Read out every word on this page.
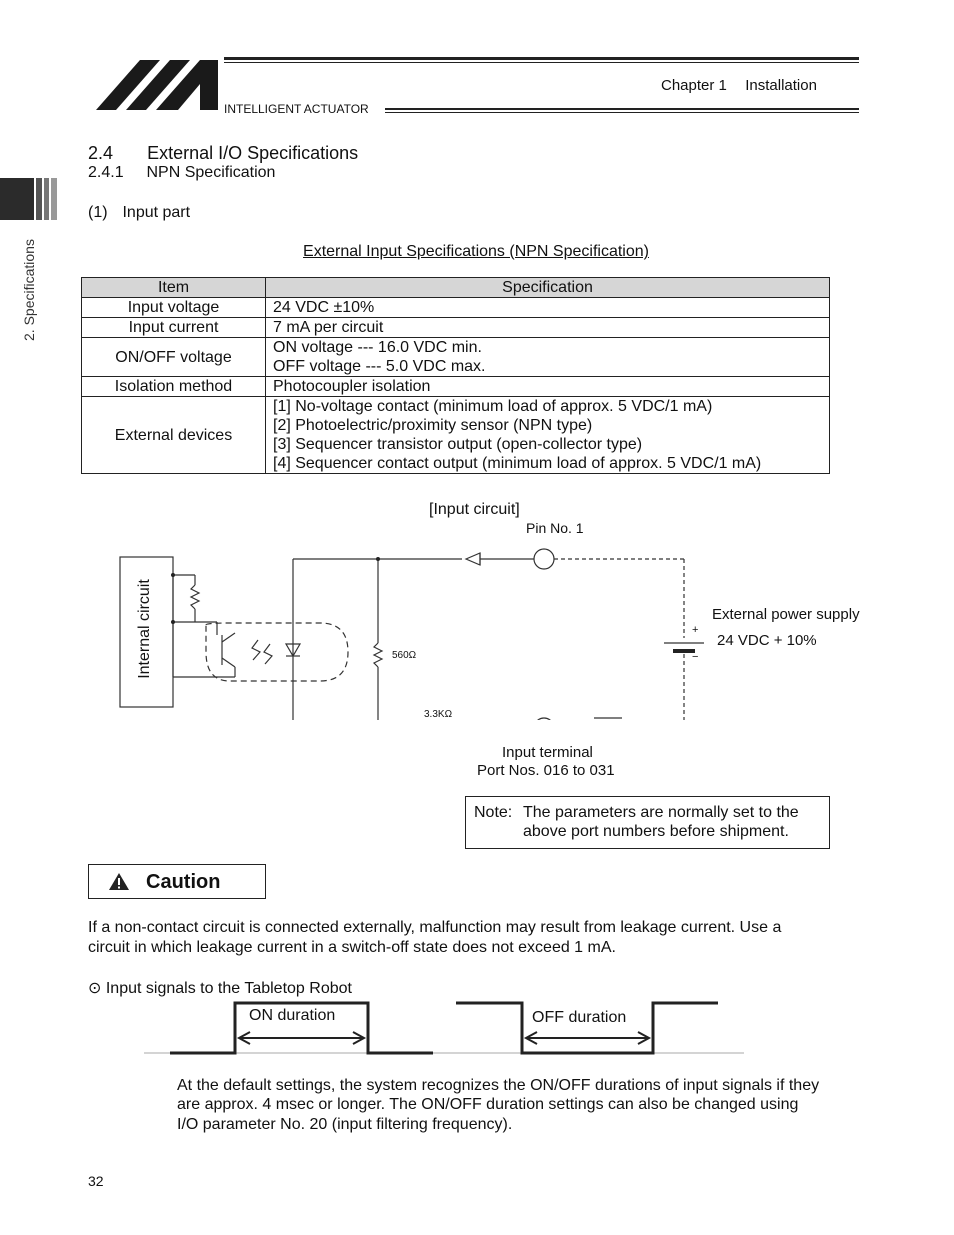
INTELLIGENT ACTUATOR
Chapter 1 Installation
2. Specifications
2.4 External I/O Specifications
2.4.1 NPN Specification
(1) Input part
External Input Specifications (NPN Specification)
Item	Specification
Input voltage	24 VDC ±10%

Input current	7 mA per circuit

ON/OFF voltage	ON voltage --- 16.0 VDC min.
OFF voltage --- 5.0 VDC max.

Isolation method	Photocoupler isolation

External devices	[1] No-voltage contact (minimum load of approx. 5 VDC/1 mA)
[2] Photoelectric/proximity sensor (NPN type)
[3] Sequencer transistor output (open-collector type)
[4] Sequencer contact output (minimum load of approx. 5 VDC/1 mA)
[Input circuit]
Pin No. 1
Internal circuit	560Ω
3.3KΩ
+
−
External power supply
24 VDC + 10%
Input terminal
Port Nos. 016 to 031
Note: The parameters are normally set to the
above port numbers before shipment.
Caution
If a non-contact circuit is connected externally, malfunction may result from leakage current. Use a
circuit in which leakage current in a switch-off state does not exceed 1 mA.
⊙ Input signals to the Tabletop Robot
ON duration	OFF duration
At the default settings, the system recognizes the ON/OFF durations of input signals if they
are approx. 4 msec or longer. The ON/OFF duration settings can also be changed using
I/O parameter No. 20 (input filtering frequency).
32
